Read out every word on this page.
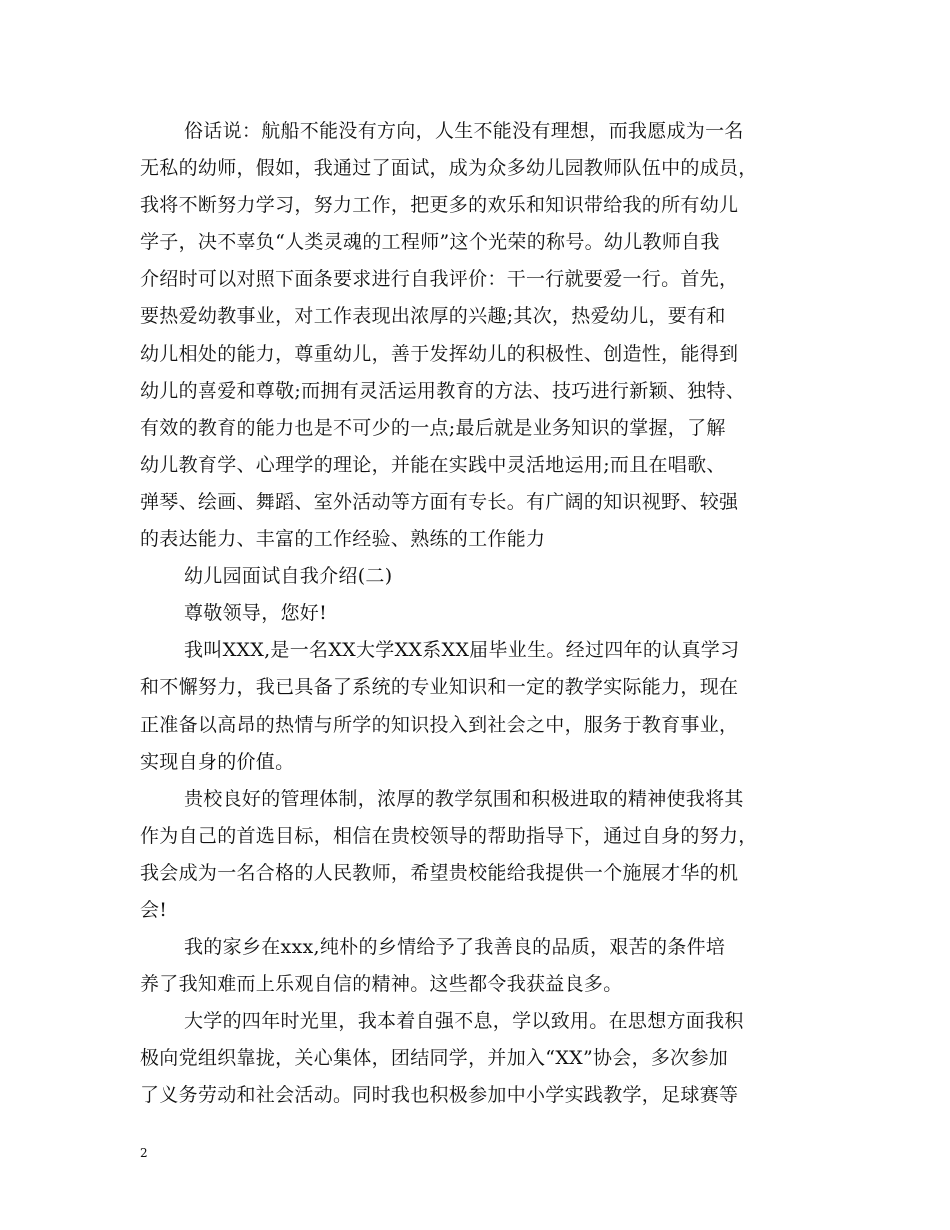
俗话说：航船不能没有方向，人生不能没有理想，而我愿成为一名
无私的幼师，假如，我通过了面试，成为众多幼儿园教师队伍中的成员，
我将不断努力学习，努力工作，把更多的欢乐和知识带给我的所有幼儿
学子，决不辜负“人类灵魂的工程师”这个光荣的称号。幼儿教师自我
介绍时可以对照下面条要求进行自我评价：干一行就要爱一行。首先，
要热爱幼教事业，对工作表现出浓厚的兴趣;其次，热爱幼儿，要有和
幼儿相处的能力，尊重幼儿，善于发挥幼儿的积极性、创造性，能得到
幼儿的喜爱和尊敬;而拥有灵活运用教育的方法、技巧进行新颖、独特、
有效的教育的能力也是不可少的一点;最后就是业务知识的掌握，了解
幼儿教育学、心理学的理论，并能在实践中灵活地运用;而且在唱歌、
弹琴、绘画、舞蹈、室外活动等方面有专长。有广阔的知识视野、较强
的表达能力、丰富的工作经验、熟练的工作能力
幼儿园面试自我介绍(二)
尊敬领导，您好!
我叫XXX,是一名XX大学XX系XX届毕业生。经过四年的认真学习
和不懈努力，我已具备了系统的专业知识和一定的教学实际能力，现在
正准备以高昂的热情与所学的知识投入到社会之中，服务于教育事业，
实现自身的价值。
贵校良好的管理体制，浓厚的教学氛围和积极进取的精神使我将其
作为自己的首选目标，相信在贵校领导的帮助指导下，通过自身的努力，
我会成为一名合格的人民教师，希望贵校能给我提供一个施展才华的机
会!
我的家乡在xxx,纯朴的乡情给予了我善良的品质，艰苦的条件培
养了我知难而上乐观自信的精神。这些都令我获益良多。
大学的四年时光里，我本着自强不息，学以致用。在思想方面我积
极向党组织靠拢，关心集体，团结同学，并加入“XX”协会，多次参加
了义务劳动和社会活动。同时我也积极参加中小学实践教学，足球赛等
2
